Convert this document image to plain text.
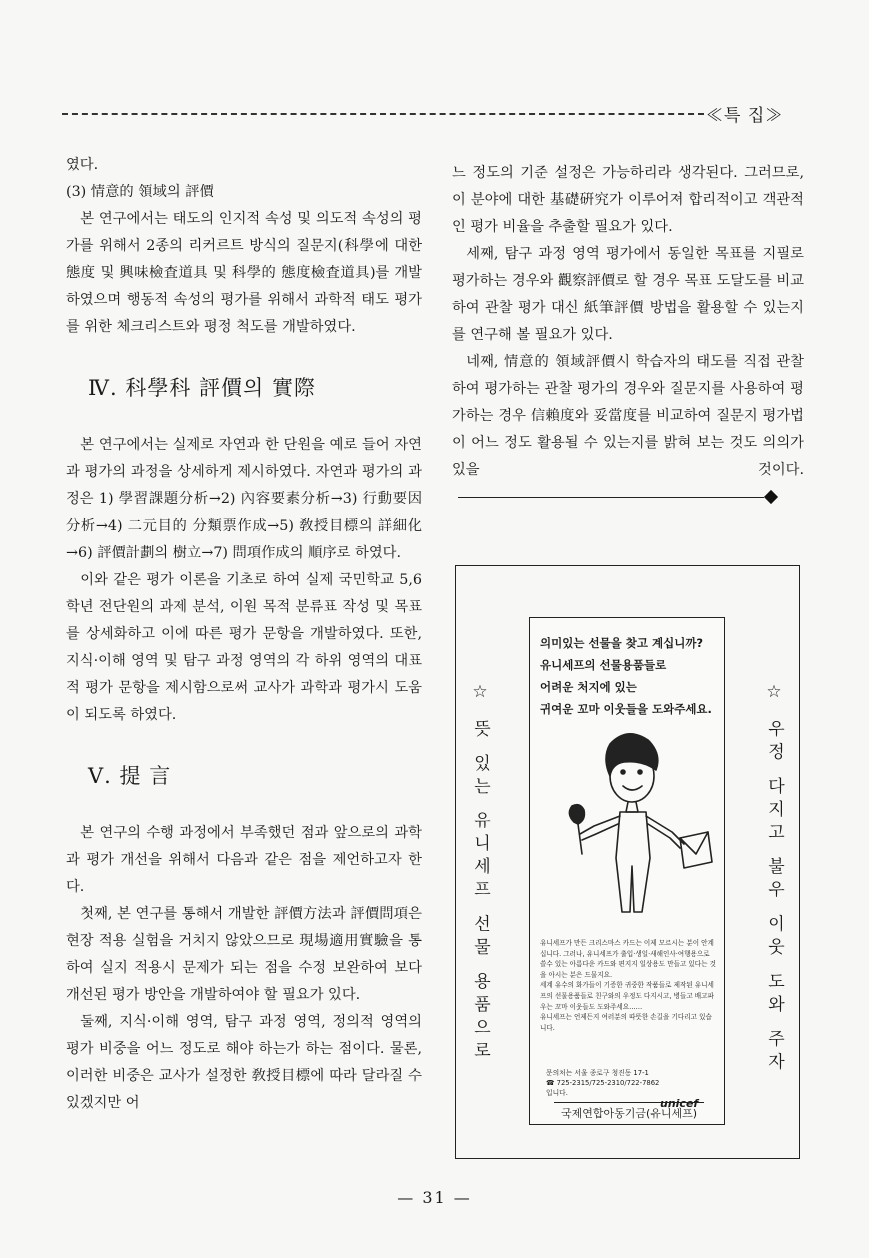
≪특 집≫

였다.

(3) 情意的 領域의 評價

본 연구에서는 태도의 인지적 속성 및 의도적 속성의 평가를 위해서 2종의 리커르트 방식의 질문지(科學에 대한 態度 및 興味檢査道具 및 科學的 態度檢査道具)를 개발하였으며 행동적 속성의 평가를 위해서 과학적 태도 평가를 위한 체크리스트와 평정 척도를 개발하였다.

Ⅳ. 科學科 評價의 實際

본 연구에서는 실제로 자연과 한 단원을 예로 들어 자연과 평가의 과정을 상세하게 제시하였다. 자연과 평가의 과정은 1) 學習課題分析→2) 內容要素分析→3) 行動要因分析→4) 二元目的 分類票作成→5) 敎授目標의 詳細化→6) 評價計劃의 樹立→7) 問項作成의 順序로 하였다.

이와 같은 평가 이론을 기초로 하여 실제 국민학교 5,6학년 전단원의 과제 분석, 이원 목적 분류표 작성 및 목표를 상세화하고 이에 따른 평가 문항을 개발하였다. 또한, 지식·이해 영역 및 탐구 과정 영역의 각 하위 영역의 대표적 평가 문항을 제시함으로써 교사가 과학과 평가시 도움이 되도록 하였다.

Ⅴ. 提 言

본 연구의 수행 과정에서 부족했던 점과 앞으로의 과학과 평가 개선을 위해서 다음과 같은 점을 제언하고자 한다.

첫째, 본 연구를 통해서 개발한 評價方法과 評價問項은 현장 적용 실험을 거치지 않았으므로 現場適用實驗을 통하여 실지 적용시 문제가 되는 점을 수정 보완하여 보다 개선된 평가 방안을 개발하여야 할 필요가 있다.

둘째, 지식·이해 영역, 탐구 과정 영역, 정의적 영역의 평가 비중을 어느 정도로 해야 하는가 하는 점이다. 물론, 이러한 비중은 교사가 설정한 敎授目標에 따라 달라질 수 있겠지만 어

느 정도의 기준 설정은 가능하리라 생각된다. 그러므로, 이 분야에 대한 基礎硏究가 이루어져 합리적이고 객관적인 평가 비율을 추출할 필요가 있다.

세째, 탐구 과정 영역 평가에서 동일한 목표를 지필로 평가하는 경우와 觀察評價로 할 경우 목표 도달도를 비교하여 관찰 평가 대신 紙筆評價 방법을 활용할 수 있는지를 연구해 볼 필요가 있다.

네째, 情意的 領域評價시 학습자의 태도를 직접 관찰하여 평가하는 관찰 평가의 경우와 질문지를 사용하여 평가하는 경우 信賴度와 妥當度를 비교하여 질문지 평가법이 어느 정도 활용될 수 있는지를 밝혀 보는 것도 의의가 있을 것이다.

☆ 뜻 있는 유니세프 선물 용품으로	☆ 우정 다지고 불우 이웃 도와 주자
의미있는 선물을 찾고 계십니까?
유니세프의 선물용품들로
어려운 처지에 있는
귀여운 꼬마 이웃들을 도와주세요.

유니세프가 만든 크리스마스 카드는 이제 모르시는 분이 안계십니다. 그러나, 유니세프가 출입·생일·새해인사·여행용으로 쓸수 있는 아름다운 카드와 편지지 일상용도 만들고 있다는 것을 아시는 분은 드물지요.

세계 유수의 화가들이 기증한 귀중한 작품들로 제작된 유니세프의 선물용품들로 친구와의 우정도 다지시고, 병들고 배고파 우는 꼬마 이웃들도 도와주세요……

유니세프는 언제든지 여러분의 따뜻한 손길을 기다리고 있습니다.

문의처는 서울 종로구 청진동 17-1
☎ 725-2315/725-2310/722-7862
입니다.
unicef
국제연합아동기금(유니세프)
— 31 —
